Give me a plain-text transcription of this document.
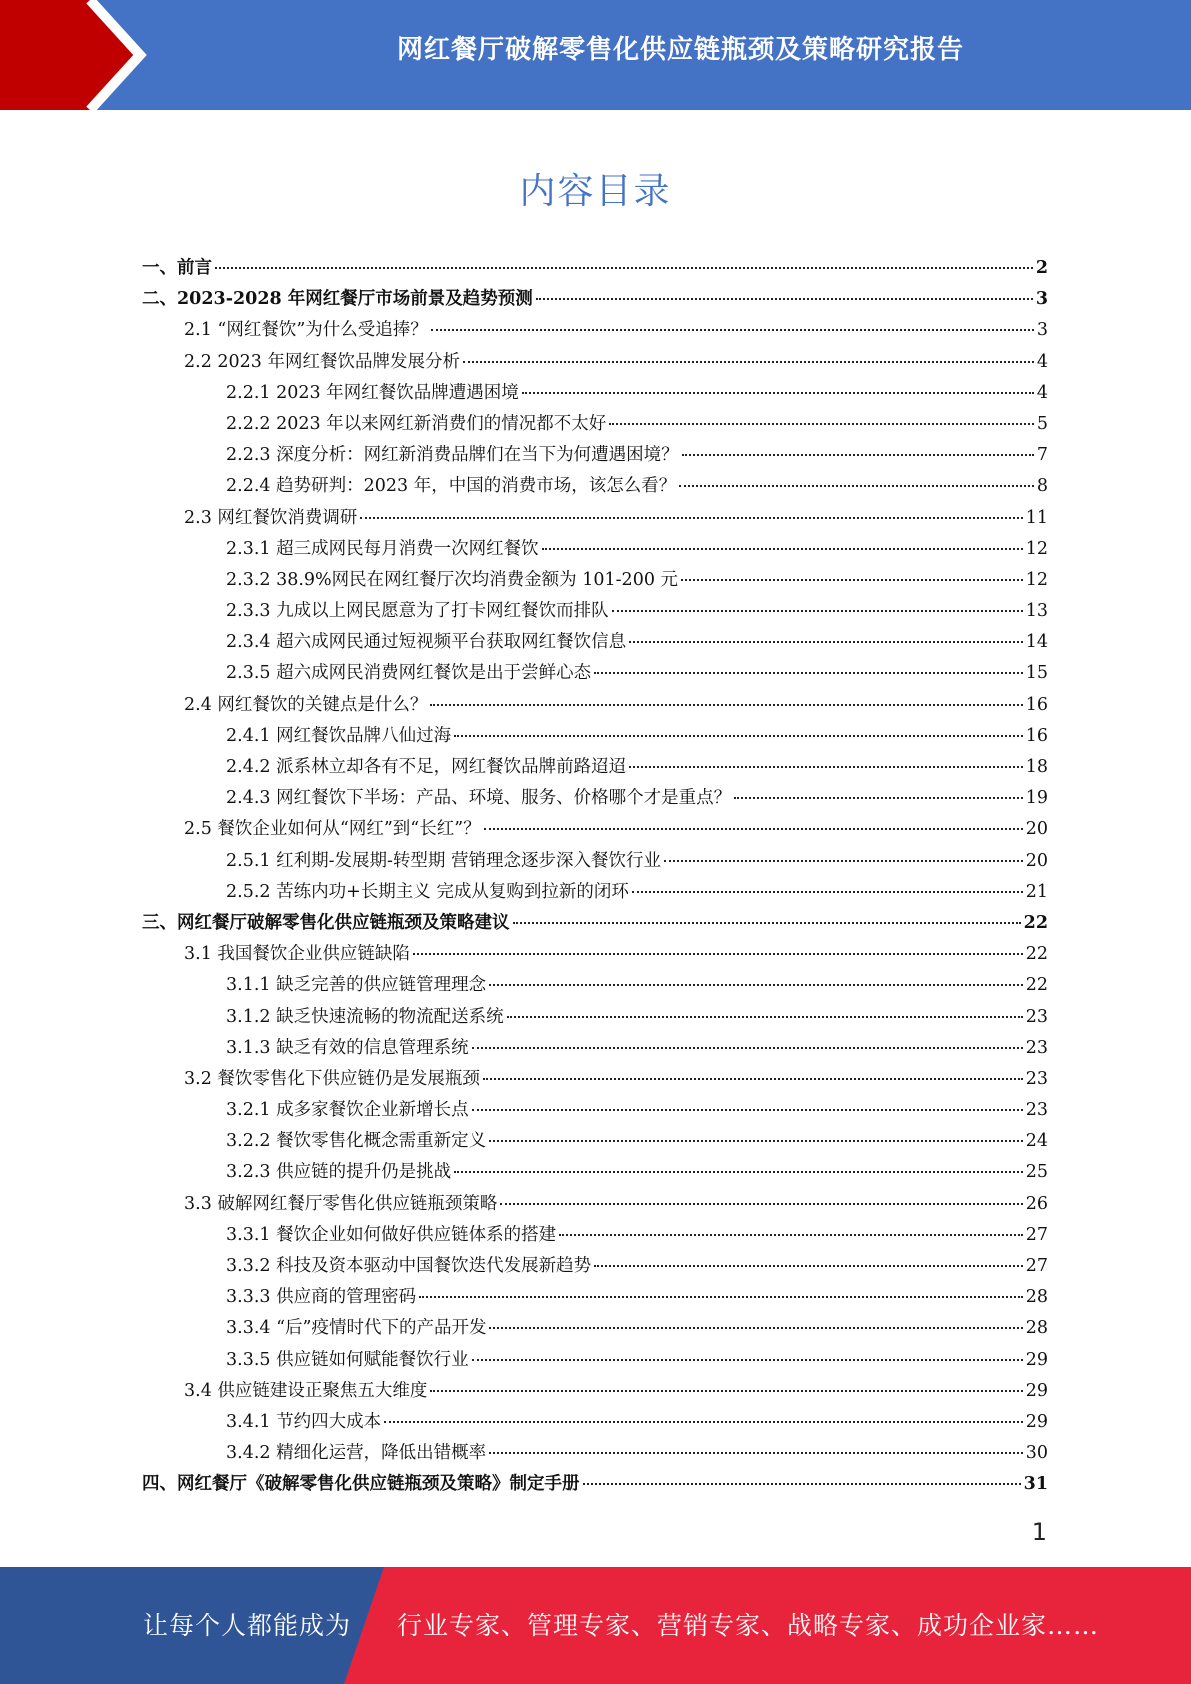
网红餐厅破解零售化供应链瓶颈及策略研究报告
内容目录
一、前言	2
二、2023-2028 年网红餐厅市场前景及趋势预测	3
2.1 “网红餐饮”为什么受追捧？	3
2.2 2023 年网红餐饮品牌发展分析	4
2.2.1 2023 年网红餐饮品牌遭遇困境	4
2.2.2 2023 年以来网红新消费们的情况都不太好	5
2.2.3 深度分析：网红新消费品牌们在当下为何遭遇困境？	7
2.2.4 趋势研判：2023 年，中国的消费市场，该怎么看？	8
2.3 网红餐饮消费调研	11
2.3.1 超三成网民每月消费一次网红餐饮	12
2.3.2 38.9%网民在网红餐厅次均消费金额为 101-200 元	12
2.3.3 九成以上网民愿意为了打卡网红餐饮而排队	13
2.3.4 超六成网民通过短视频平台获取网红餐饮信息	14
2.3.5 超六成网民消费网红餐饮是出于尝鲜心态	15
2.4 网红餐饮的关键点是什么？	16
2.4.1 网红餐饮品牌八仙过海	16
2.4.2 派系林立却各有不足，网红餐饮品牌前路迢迢	18
2.4.3 网红餐饮下半场：产品、环境、服务、价格哪个才是重点？	19
2.5 餐饮企业如何从“网红”到“长红”？	20
2.5.1 红利期-发展期-转型期 营销理念逐步深入餐饮行业	20
2.5.2 苦练内功+长期主义 完成从复购到拉新的闭环	21
三、网红餐厅破解零售化供应链瓶颈及策略建议	22
3.1 我国餐饮企业供应链缺陷	22
3.1.1 缺乏完善的供应链管理理念	22
3.1.2 缺乏快速流畅的物流配送系统	23
3.1.3 缺乏有效的信息管理系统	23
3.2 餐饮零售化下供应链仍是发展瓶颈	23
3.2.1 成多家餐饮企业新增长点	23
3.2.2 餐饮零售化概念需重新定义	24
3.2.3 供应链的提升仍是挑战	25
3.3 破解网红餐厅零售化供应链瓶颈策略	26
3.3.1 餐饮企业如何做好供应链体系的搭建	27
3.3.2 科技及资本驱动中国餐饮迭代发展新趋势	27
3.3.3 供应商的管理密码	28
3.3.4 “后”疫情时代下的产品开发	28
3.3.5 供应链如何赋能餐饮行业	29
3.4 供应链建设正聚焦五大维度	29
3.4.1 节约四大成本	29
3.4.2 精细化运营，降低出错概率	30
四、网红餐厅《破解零售化供应链瓶颈及策略》制定手册	31
1
让每个人都能成为 行业专家、管理专家、营销专家、战略专家、成功企业家……
